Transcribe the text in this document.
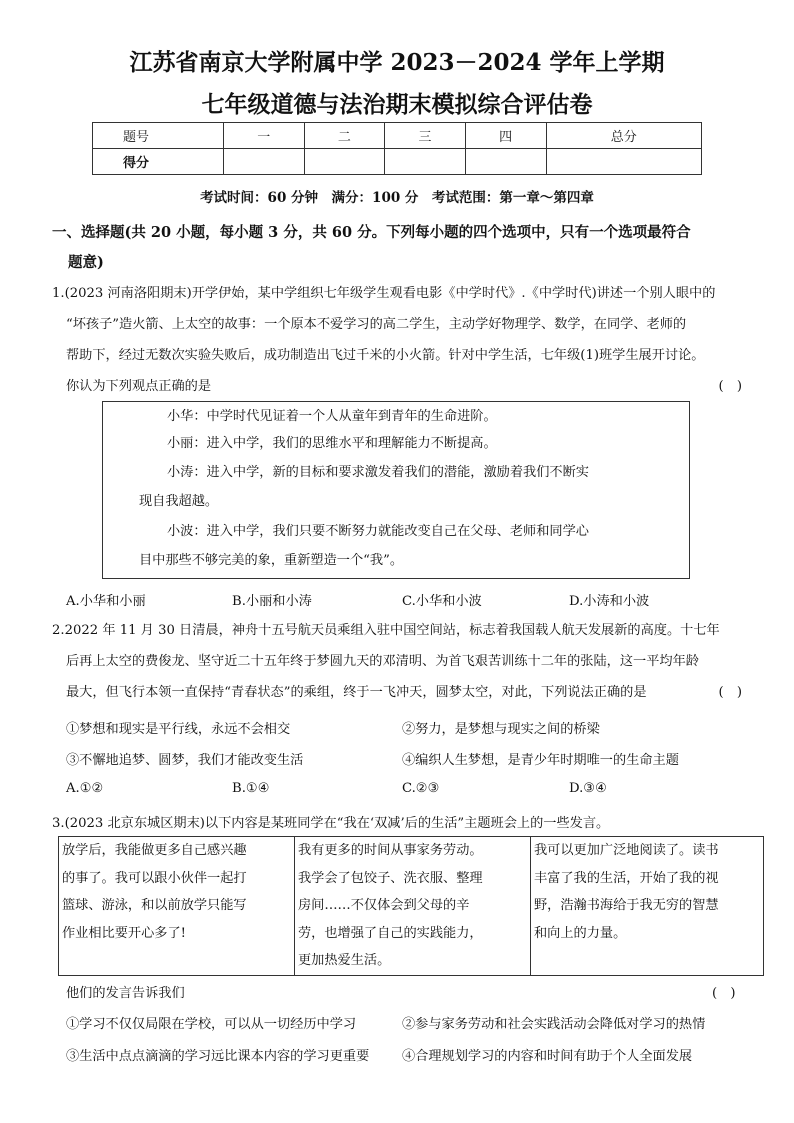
江苏省南京大学附属中学 2023－2024 学年上学期
七年级道德与法治期末模拟综合评估卷
题号	一	二	三	四	总分
得分					
考试时间：60 分钟　满分：100 分　考试范围：第一章～第四章
一、选择题(共 20 小题，每小题 3 分，共 60 分。下列每小题的四个选项中，只有一个选项最符合
题意)
1.(2023 河南洛阳期末)开学伊始，某中学组织七年级学生观看电影《中学时代》.《中学时代)讲述一个别人眼中的
“坏孩子”造火箭、上太空的故事：一个原本不爱学习的高二学生，主动学好物理学、数学，在同学、老师的
帮助下，经过无数次实验失败后，成功制造出飞过千米的小火箭。针对中学生活，七年级(1)班学生展开讨论。
你认为下列观点正确的是	(　)
小华：中学时代见证着一个人从童年到青年的生命进阶。
小丽：进入中学，我们的思维水平和理解能力不断提高。
小涛：进入中学，新的目标和要求激发着我们的潜能，激励着我们不断实
现自我超越。
小波：进入中学，我们只要不断努力就能改变自己在父母、老师和同学心
目中那些不够完美的象，重新塑造一个“我”。
A.小华和小丽	B.小丽和小涛	C.小华和小波	D.小涛和小波
2.2022 年 11 月 30 日清晨，神舟十五号航天员乘组入驻中国空间站，标志着我国载人航天发展新的高度。十七年
后再上太空的费俊龙、坚守近二十五年终于梦圆九天的邓清明、为首飞艰苦训练十二年的张陆，这一平均年龄
最大，但飞行本领一直保持“青春状态”的乘组，终于一飞冲天，圆梦太空，对此，下列说法正确的是	(　)
①梦想和现实是平行线，永远不会相交	②努力，是梦想与现实之间的桥梁
③不懈地追梦、圆梦，我们才能改变生活	④编织人生梦想，是青少年时期唯一的生命主题
A.①②	B.①④	C.②③	D.③④
3.(2023 北京东城区期末)以下内容是某班同学在“我在‘双减’后的生活”主题班会上的一些发言。
放学后，我能做更多自己感兴趣
的事了。我可以跟小伙伴一起打
篮球、游泳，和以前放学只能写
作业相比要开心多了!

我有更多的时间从事家务劳动。
我学会了包饺子、洗衣服、整理
房间……不仅体会到父母的辛
劳，也增强了自己的实践能力，
更加热爱生活。

我可以更加广泛地阅读了。读书
丰富了我的生活，开始了我的视
野，浩瀚书海给于我无穷的智慧
和向上的力量。
他们的发言告诉我们	(　)
①学习不仅仅局限在学校，可以从一切经历中学习	②参与家务劳动和社会实践活动会降低对学习的热情
③生活中点点滴滴的学习远比课本内容的学习更重要 ④合理规划学习的内容和时间有助于个人全面发展
